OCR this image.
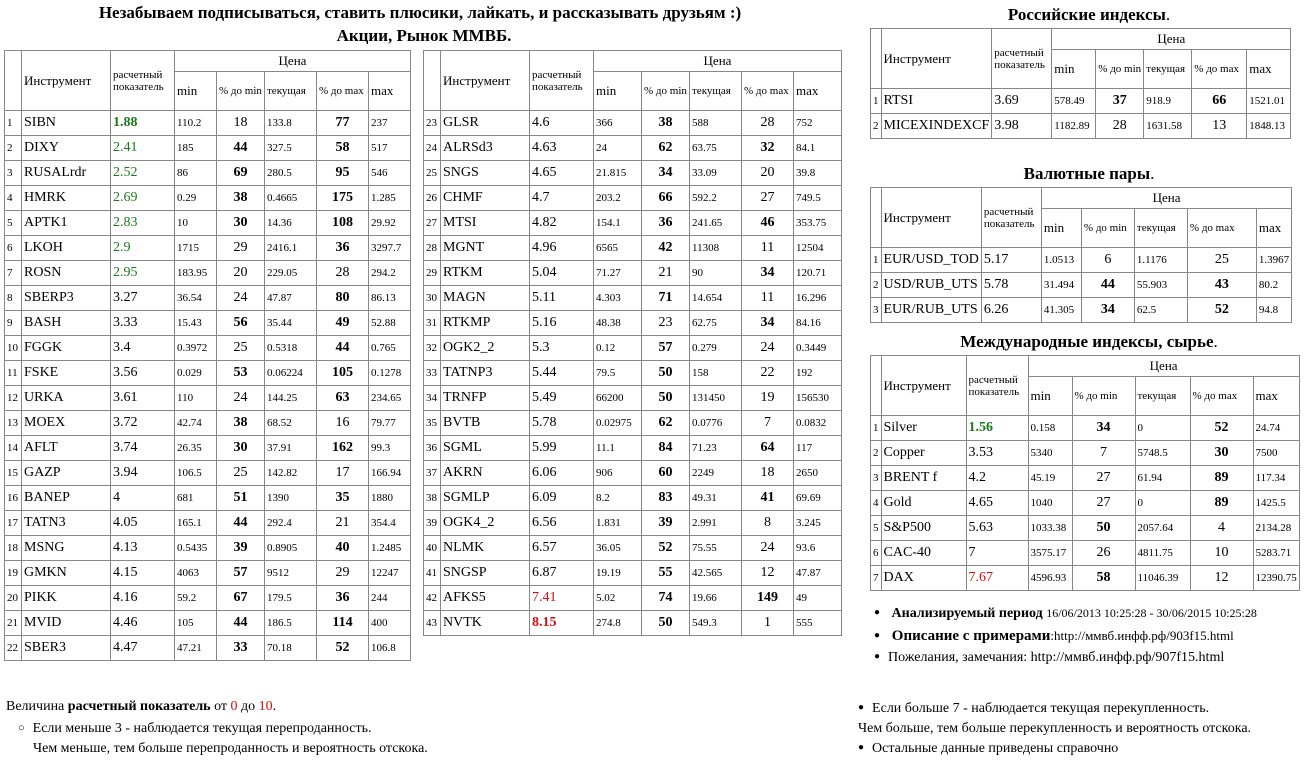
Незабываем подписываться, ставить плюсики, лайкать, и рассказывать друзьям :)
Акции, Рынок ММВБ.
	Инструмент	расчетный показатель	Цена				
			min	% до min	текущая	% до max	max
1	SIBN	1.88	110.2	18	133.8	77	237
2	DIXY	2.41	185	44	327.5	58	517
3	RUSALrdr	2.52	86	69	280.5	95	546
4	HMRK	2.69	0.29	38	0.4665	175	1.285
5	APTK1	2.83	10	30	14.36	108	29.92
6	LKOH	2.9	1715	29	2416.1	36	3297.7
7	ROSN	2.95	183.95	20	229.05	28	294.2
8	SBERP3	3.27	36.54	24	47.87	80	86.13
9	BASH	3.33	15.43	56	35.44	49	52.88
10	FGGK	3.4	0.3972	25	0.5318	44	0.765
11	FSKE	3.56	0.029	53	0.06224	105	0.1278
12	URKA	3.61	110	24	144.25	63	234.65
13	MOEX	3.72	42.74	38	68.52	16	79.77
14	AFLT	3.74	26.35	30	37.91	162	99.3
15	GAZP	3.94	106.5	25	142.82	17	166.94
16	BANEP	4	681	51	1390	35	1880
17	TATN3	4.05	165.1	44	292.4	21	354.4
18	MSNG	4.13	0.5435	39	0.8905	40	1.2485
19	GMKN	4.15	4063	57	9512	29	12247
20	PIKK	4.16	59.2	67	179.5	36	244
21	MVID	4.46	105	44	186.5	114	400
22	SBER3	4.47	47.21	33	70.18	52	106.8
	Инструмент	расчетный показатель	Цена				
			min	% до min	текущая	% до max	max
23	GLSR	4.6	366	38	588	28	752
24	ALRSd3	4.63	24	62	63.75	32	84.1
25	SNGS	4.65	21.815	34	33.09	20	39.8
26	CHMF	4.7	203.2	66	592.2	27	749.5
27	MTSI	4.82	154.1	36	241.65	46	353.75
28	MGNT	4.96	6565	42	11308	11	12504
29	RTKM	5.04	71.27	21	90	34	120.71
30	MAGN	5.11	4.303	71	14.654	11	16.296
31	RTKMP	5.16	48.38	23	62.75	34	84.16
32	OGK2_2	5.3	0.12	57	0.279	24	0.3449
33	TATNP3	5.44	79.5	50	158	22	192
34	TRNFP	5.49	66200	50	131450	19	156530
35	BVTB	5.78	0.02975	62	0.0776	7	0.0832
36	SGML	5.99	11.1	84	71.23	64	117
37	AKRN	6.06	906	60	2249	18	2650
38	SGMLP	6.09	8.2	83	49.31	41	69.69
39	OGK4_2	6.56	1.831	39	2.991	8	3.245
40	NLMK	6.57	36.05	52	75.55	24	93.6
41	SNGSP	6.87	19.19	55	42.565	12	47.87
42	AFKS5	7.41	5.02	74	19.66	149	49
43	NVTK	8.15	274.8	50	549.3	1	555
Российские индексы.
	Инструмент	расчетный показатель	Цена				
			min	% до min	текущая	% до max	max
1	RTSI	3.69	578.49	37	918.9	66	1521.01
2	MICEXINDEXCF	3.98	1182.89	28	1631.58	13	1848.13
Валютные пары.
	Инструмент	расчетный показатель	Цена				
			min	% до min	текущая	% до max	max
1	EUR/USD_TOD	5.17	1.0513	6	1.1176	25	1.3967
2	USD/RUB_UTS	5.78	31.494	44	55.903	43	80.2
3	EUR/RUB_UTS	6.26	41.305	34	62.5	52	94.8
Международные индексы, сырье.
	Инструмент	расчетный показатель	Цена				
			min	% до min	текущая	% до max	max
1	Silver	1.56	0.158	34	0	52	24.74
2	Copper	3.53	5340	7	5748.5	30	7500
3	BRENT f	4.2	45.19	27	61.94	89	117.34
4	Gold	4.65	1040	27	0	89	1425.5
5	S&P500	5.63	1033.38	50	2057.64	4	2134.28
6	CAC-40	7	3575.17	26	4811.75	10	5283.71
7	DAX	7.67	4596.93	58	11046.39	12	12390.75
● Анализируемый период 16/06/2013 10:25:28 - 30/06/2015 10:25:28
● Описание с примерами:http://ммвб.инфф.рф/903f15.html
● Пожелания, замечания: http://ммвб.инфф.рф/907f15.html
Величина расчетный показатель от 0 до 10.
○ Если меньше 3 - наблюдается текущая перепроданность.
Чем меньше, тем больше перепроданность и вероятность отскока.
● Если больше 7 - наблюдается текущая перекупленность.
Чем больше, тем больше перекупленность и вероятность отскока.
● Остальные данные приведены справочно
